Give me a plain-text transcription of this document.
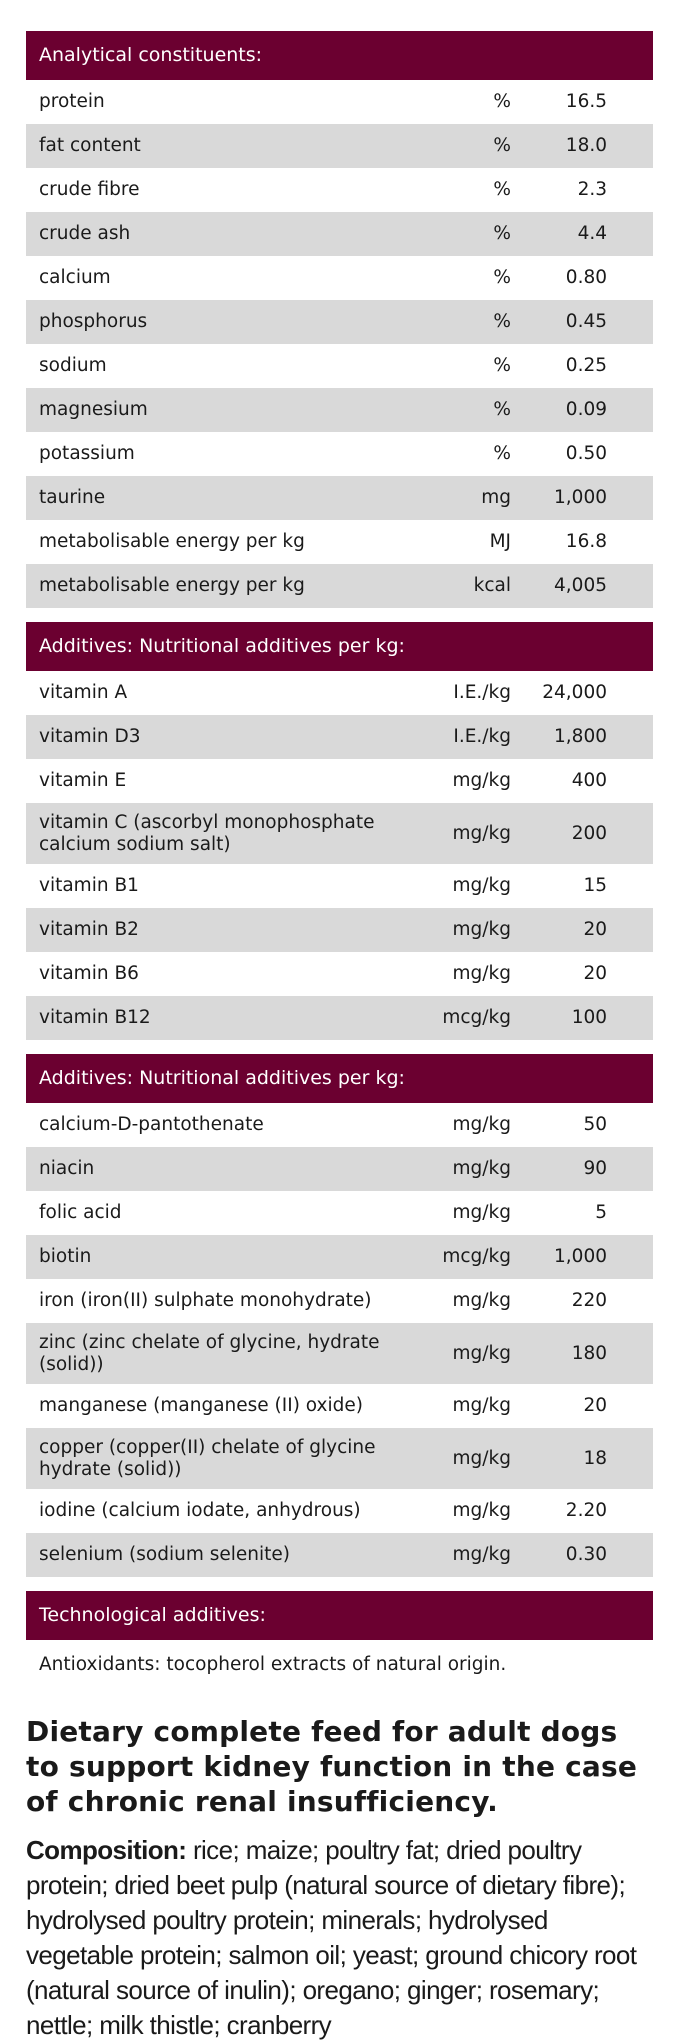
Analytical constituents:
protein	%	16.5
fat content	%	18.0
crude fibre	%	2.3
crude ash	%	4.4
calcium	%	0.80
phosphorus	%	0.45
sodium	%	0.25
magnesium	%	0.09
potassium	%	0.50
taurine	mg	1,000
metabolisable energy per kg	MJ	16.8
metabolisable energy per kg	kcal	4,005
Additives: Nutritional additives per kg:
vitamin A	I.E./kg	24,000
vitamin D3	I.E./kg	1,800
vitamin E	mg/kg	400
vitamin C (ascorbyl monophosphate calcium sodium salt)	mg/kg	200
vitamin B1	mg/kg	15
vitamin B2	mg/kg	20
vitamin B6	mg/kg	20
vitamin B12	mcg/kg	100
Additives: Nutritional additives per kg:
calcium-D-pantothenate	mg/kg	50
niacin	mg/kg	90
folic acid	mg/kg	5
biotin	mcg/kg	1,000
iron (iron(II) sulphate monohydrate)	mg/kg	220
zinc (zinc chelate of glycine, hydrate (solid))	mg/kg	180
manganese (manganese (II) oxide)	mg/kg	20
copper (copper(II) chelate of glycine hydrate (solid))	mg/kg	18
iodine (calcium iodate, anhydrous)	mg/kg	2.20
selenium (sodium selenite)	mg/kg	0.30
Technological additives:
Antioxidants: tocopherol extracts of natural origin.
Dietary complete feed for adult dogs to support kidney function in the case of chronic renal insufficiency.
Composition: rice; maize; poultry fat; dried poultry protein; dried beet pulp (natural source of dietary fibre); hydrolysed poultry protein; minerals; hydrolysed vegetable protein; salmon oil; yeast; ground chicory root (natural source of inulin); oregano; ginger; rosemary; nettle; milk thistle; cranberry
